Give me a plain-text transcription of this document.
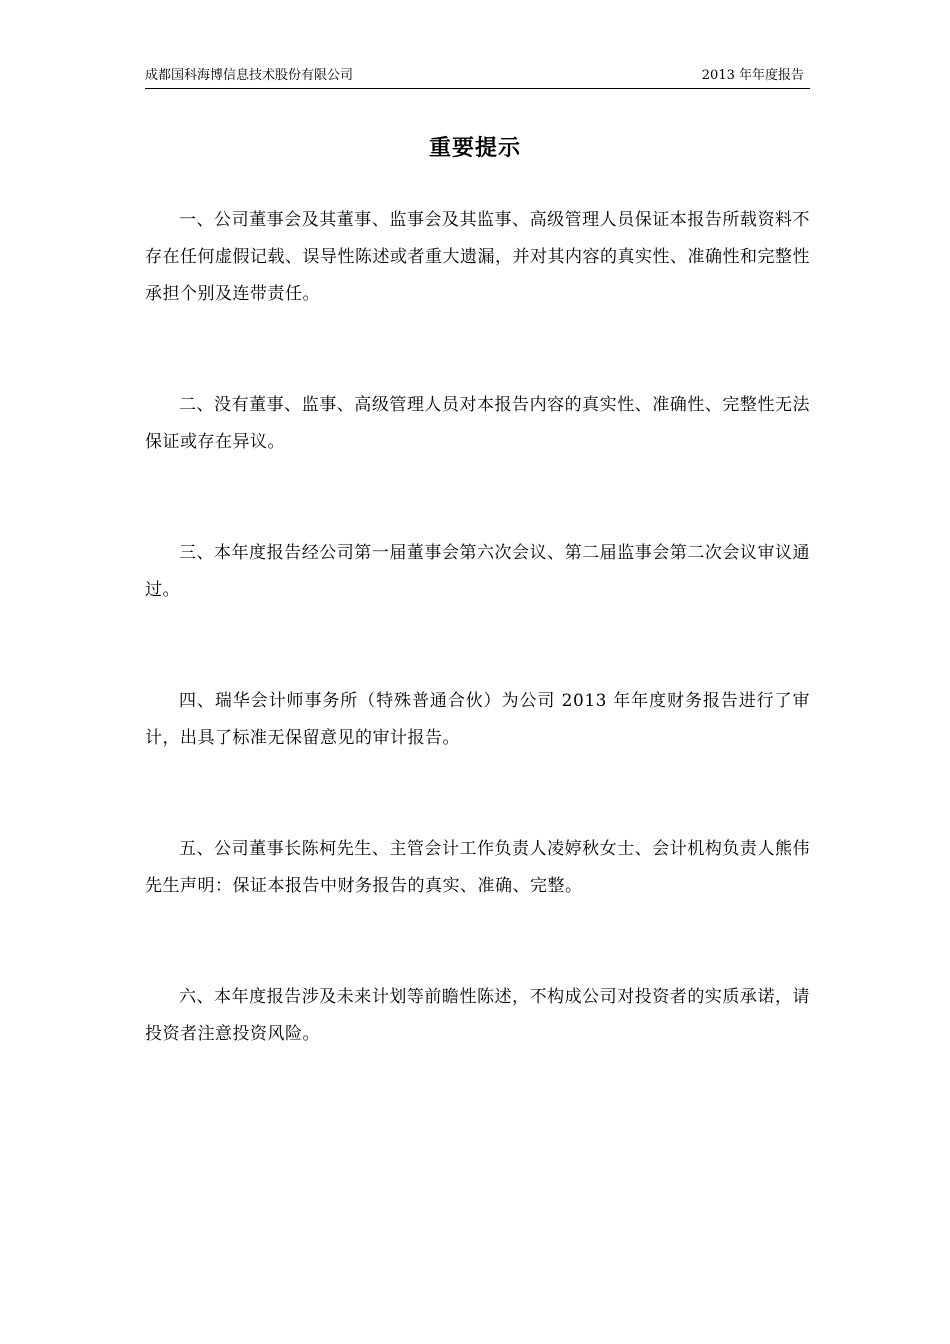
成都国科海博信息技术股份有限公司	2013 年年度报告
重要提示

一、公司董事会及其董事、监事会及其监事、高级管理人员保证本报告所载资料不存在任何虚假记载、误导性陈述或者重大遗漏，并对其内容的真实性、准确性和完整性承担个别及连带责任。

二、没有董事、监事、高级管理人员对本报告内容的真实性、准确性、完整性无法保证或存在异议。

三、本年度报告经公司第一届董事会第六次会议、第二届监事会第二次会议审议通过。

四、瑞华会计师事务所（特殊普通合伙）为公司 2013 年年度财务报告进行了审计，出具了标准无保留意见的审计报告。

五、公司董事长陈柯先生、主管会计工作负责人凌婷秋女士、会计机构负责人熊伟先生声明：保证本报告中财务报告的真实、准确、完整。

六、本年度报告涉及未来计划等前瞻性陈述，不构成公司对投资者的实质承诺，请投资者注意投资风险。
